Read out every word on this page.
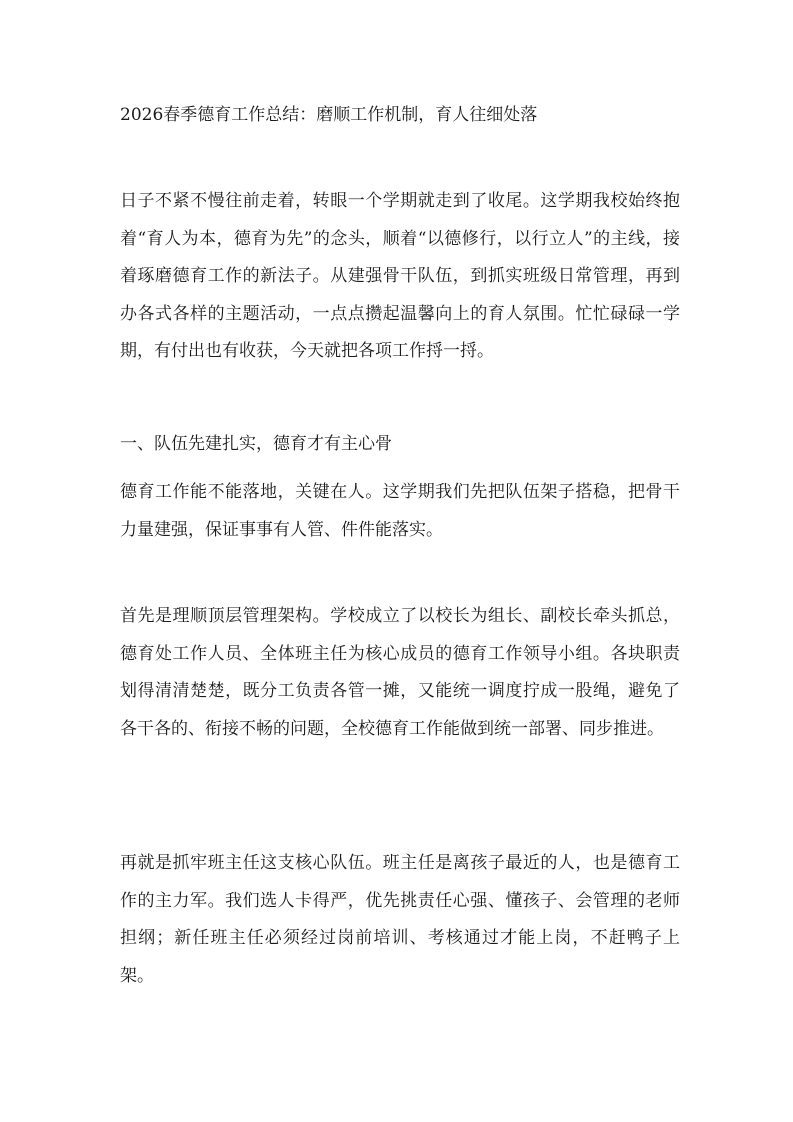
2026春季德育工作总结：磨顺工作机制，育人往细处落

日子不紧不慢往前走着，转眼一个学期就走到了收尾。这学期我校始终抱着“育人为本，德育为先”的念头，顺着“以德修行，以行立人”的主线，接着琢磨德育工作的新法子。从建强骨干队伍，到抓实班级日常管理，再到办各式各样的主题活动，一点点攒起温馨向上的育人氛围。忙忙碌碌一学期，有付出也有收获，今天就把各项工作捋一捋。

一、队伍先建扎实，德育才有主心骨

德育工作能不能落地，关键在人。这学期我们先把队伍架子搭稳，把骨干力量建强，保证事事有人管、件件能落实。

首先是理顺顶层管理架构。学校成立了以校长为组长、副校长牵头抓总，德育处工作人员、全体班主任为核心成员的德育工作领导小组。各块职责划得清清楚楚，既分工负责各管一摊，又能统一调度拧成一股绳，避免了各干各的、衔接不畅的问题，全校德育工作能做到统一部署、同步推进。

再就是抓牢班主任这支核心队伍。班主任是离孩子最近的人，也是德育工作的主力军。我们选人卡得严，优先挑责任心强、懂孩子、会管理的老师担纲；新任班主任必须经过岗前培训、考核通过才能上岗，不赶鸭子上架。
